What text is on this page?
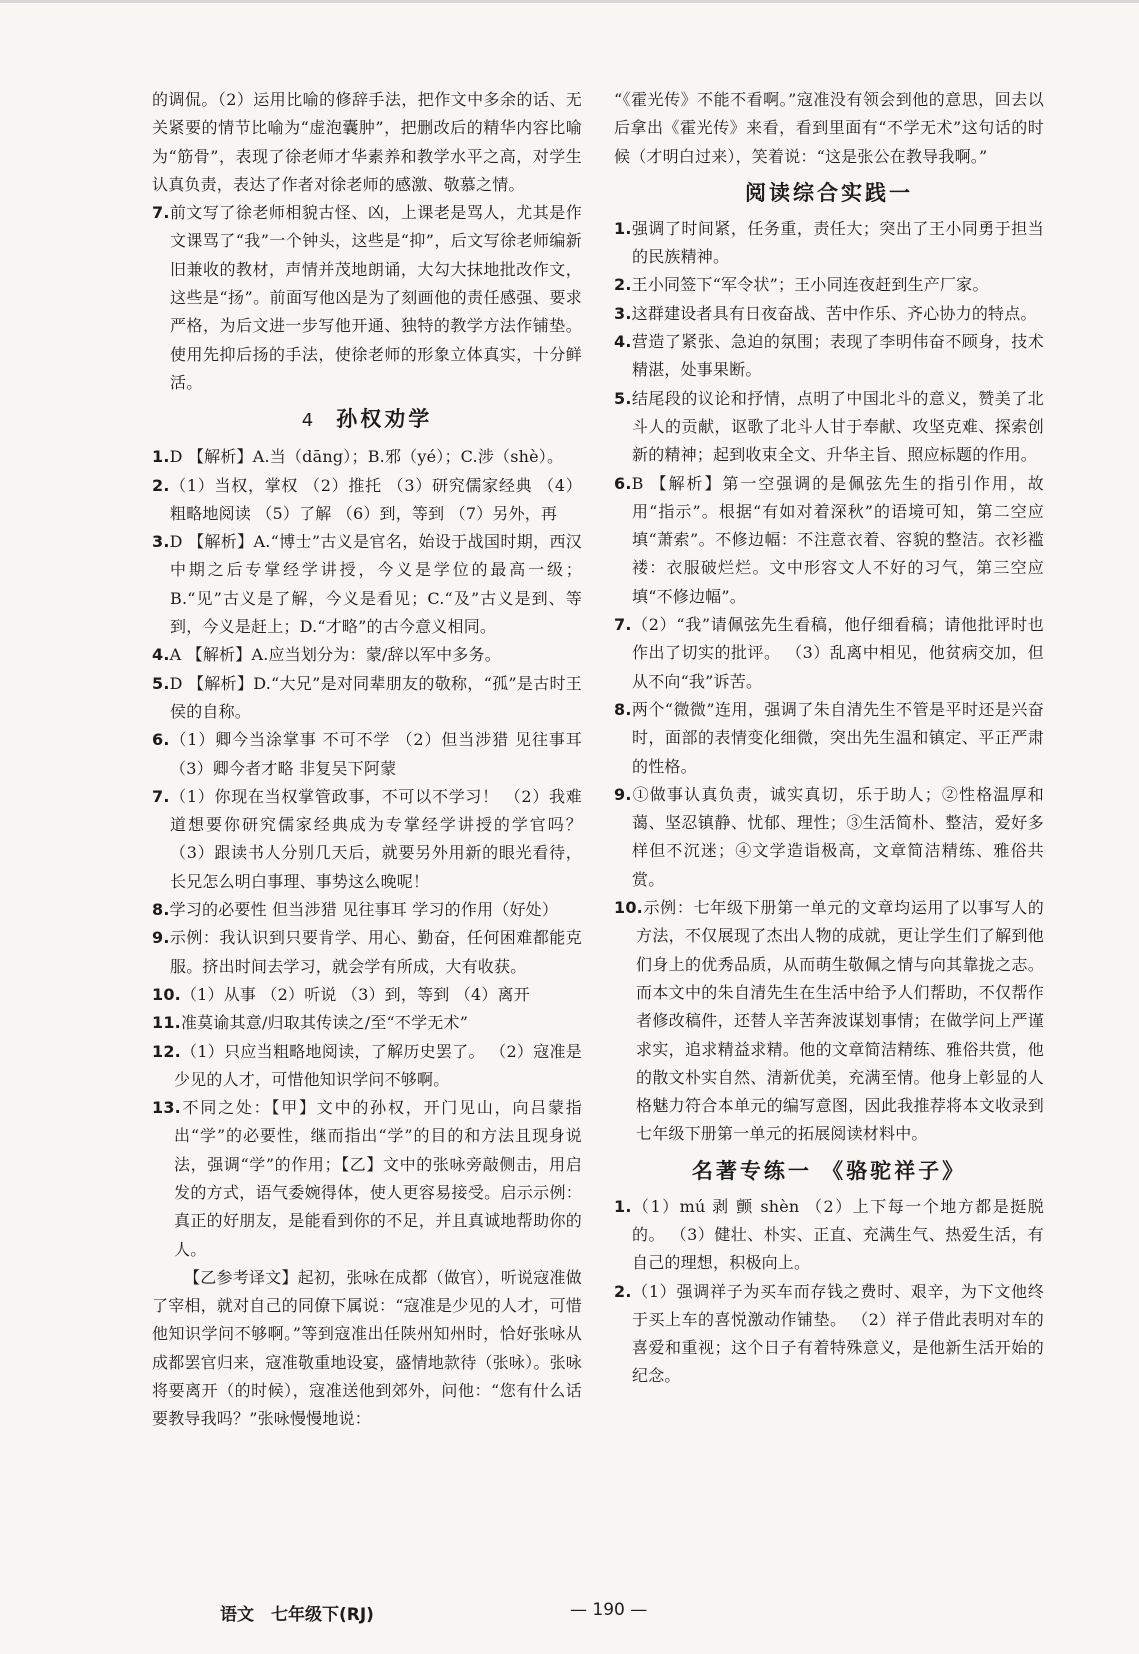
的调侃。（2）运用比喻的修辞手法，把作文中多余的话、无关紧要的情节比喻为“虚泡囊肿”，把删改后的精华内容比喻为“筋骨”，表现了徐老师才华素养和教学水平之高，对学生认真负责，表达了作者对徐老师的感激、敬慕之情。

7.前文写了徐老师相貌古怪、凶，上课老是骂人，尤其是作文课骂了“我”一个钟头，这些是“抑”，后文写徐老师编新旧兼收的教材，声情并茂地朗诵，大勾大抹地批改作文，这些是“扬”。前面写他凶是为了刻画他的责任感强、要求严格，为后文进一步写他开通、独特的教学方法作铺垫。使用先抑后扬的手法，使徐老师的形象立体真实，十分鲜活。

4 孙权劝学

1.D 【解析】A.当（dāng）；B.邪（yé）；C.涉（shè）。

2.（1）当权，掌权 （2）推托 （3）研究儒家经典 （4）粗略地阅读 （5）了解 （6）到，等到 （7）另外，再

3.D 【解析】A.“博士”古义是官名，始设于战国时期，西汉中期之后专掌经学讲授，今义是学位的最高一级；B.“见”古义是了解，今义是看见；C.“及”古义是到、等到，今义是赶上；D.“才略”的古今意义相同。

4.A 【解析】A.应当划分为：蒙/辞以军中多务。

5.D 【解析】D.“大兄”是对同辈朋友的敬称，“孤”是古时王侯的自称。

6.（1）卿今当涂掌事 不可不学 （2）但当涉猎 见往事耳 （3）卿今者才略 非复吴下阿蒙

7.（1）你现在当权掌管政事，不可以不学习！ （2）我难道想要你研究儒家经典成为专掌经学讲授的学官吗？ （3）跟读书人分别几天后，就要另外用新的眼光看待，长兄怎么明白事理、事势这么晚呢！

8.学习的必要性 但当涉猎 见往事耳 学习的作用（好处）

9.示例：我认识到只要肯学、用心、勤奋，任何困难都能克服。挤出时间去学习，就会学有所成，大有收获。

10.（1）从事 （2）听说 （3）到，等到 （4）离开

11.准莫谕其意/归取其传读之/至“不学无术”

12.（1）只应当粗略地阅读，了解历史罢了。 （2）寇准是少见的人才，可惜他知识学问不够啊。

13.不同之处：【甲】文中的孙权，开门见山，向吕蒙指出“学”的必要性，继而指出“学”的目的和方法且现身说法，强调“学”的作用；【乙】文中的张咏旁敲侧击，用启发的方式，语气委婉得体，使人更容易接受。启示示例：真正的好朋友，是能看到你的不足，并且真诚地帮助你的人。

【乙参考译文】起初，张咏在成都（做官），听说寇准做了宰相，就对自己的同僚下属说：“寇准是少见的人才，可惜他知识学问不够啊。”等到寇准出任陕州知州时，恰好张咏从成都罢官归来，寇准敬重地设宴，盛情地款待（张咏）。张咏将要离开（的时候），寇准送他到郊外，问他：“您有什么话要教导我吗？”张咏慢慢地说：

“《霍光传》不能不看啊。”寇准没有领会到他的意思，回去以后拿出《霍光传》来看，看到里面有“不学无术”这句话的时候（才明白过来），笑着说：“这是张公在教导我啊。”

阅读综合实践一

1.强调了时间紧，任务重，责任大；突出了王小同勇于担当的民族精神。

2.王小同签下“军令状”；王小同连夜赶到生产厂家。

3.这群建设者具有日夜奋战、苦中作乐、齐心协力的特点。

4.营造了紧张、急迫的氛围；表现了李明伟奋不顾身，技术精湛，处事果断。

5.结尾段的议论和抒情，点明了中国北斗的意义，赞美了北斗人的贡献，讴歌了北斗人甘于奉献、攻坚克难、探索创新的精神；起到收束全文、升华主旨、照应标题的作用。

6.B 【解析】第一空强调的是佩弦先生的指引作用，故用“指示”。根据“有如对着深秋”的语境可知，第二空应填“萧索”。不修边幅：不注意衣着、容貌的整洁。衣衫褴褛：衣服破烂烂。文中形容文人不好的习气，第三空应填“不修边幅”。

7.（2）“我”请佩弦先生看稿，他仔细看稿；请他批评时也作出了切实的批评。 （3）乱离中相见，他贫病交加，但从不向“我”诉苦。

8.两个“微微”连用，强调了朱自清先生不管是平时还是兴奋时，面部的表情变化细微，突出先生温和镇定、平正严肃的性格。

9.①做事认真负责，诚实真切，乐于助人；②性格温厚和蔼、坚忍镇静、忧郁、理性；③生活简朴、整洁，爱好多样但不沉迷；④文学造诣极高，文章简洁精练、雅俗共赏。

10.示例：七年级下册第一单元的文章均运用了以事写人的方法，不仅展现了杰出人物的成就，更让学生们了解到他们身上的优秀品质，从而萌生敬佩之情与向其靠拢之志。而本文中的朱自清先生在生活中给予人们帮助，不仅帮作者修改稿件，还替人辛苦奔波谋划事情；在做学问上严谨求实，追求精益求精。他的文章简洁精练、雅俗共赏，他的散文朴实自然、清新优美，充满至情。他身上彰显的人格魅力符合本单元的编写意图，因此我推荐将本文收录到七年级下册第一单元的拓展阅读材料中。

名著专练一 《骆驼祥子》

1.（1）mú 剥 颤 shèn （2）上下每一个地方都是挺脱的。 （3）健壮、朴实、正直、充满生气、热爱生活，有自己的理想，积极向上。

2.（1）强调祥子为买车而存钱之费时、艰辛，为下文他终于买上车的喜悦激动作铺垫。 （2）祥子借此表明对车的喜爱和重视；这个日子有着特殊意义，是他新生活开始的纪念。

语文　七年级下(RJ)	— 190 —
